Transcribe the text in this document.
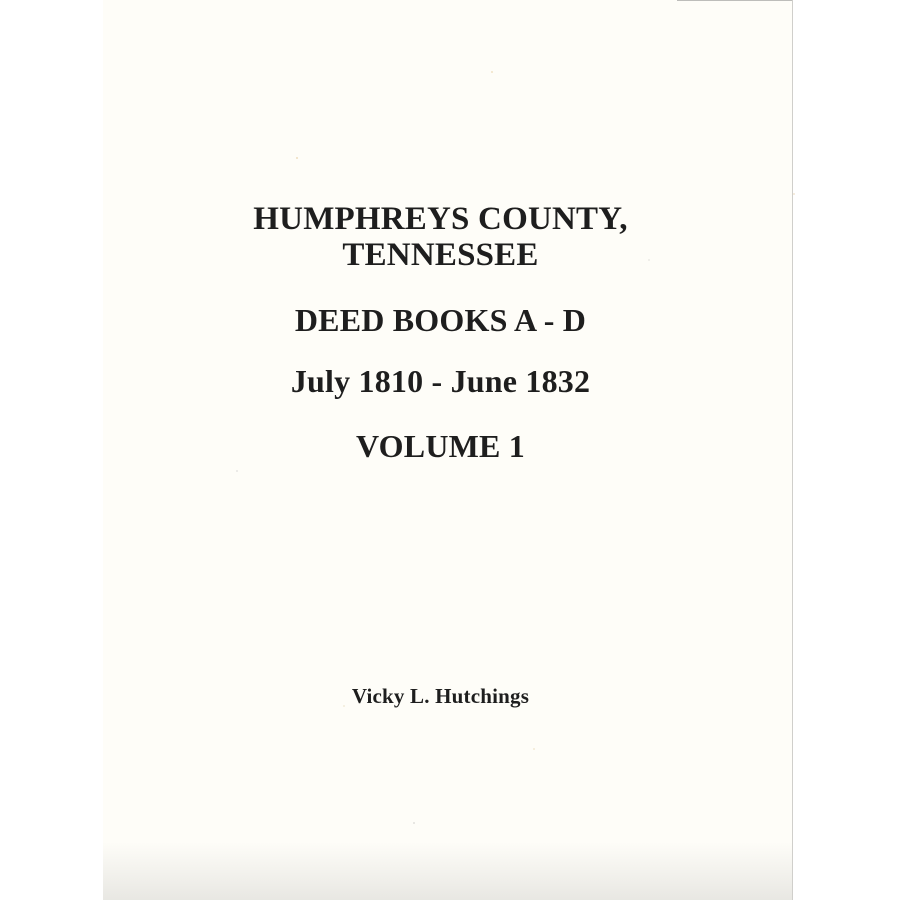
HUMPHREYS COUNTY,
TENNESSEE
DEED BOOKS A - D
July 1810 - June 1832
VOLUME 1
Vicky L. Hutchings
